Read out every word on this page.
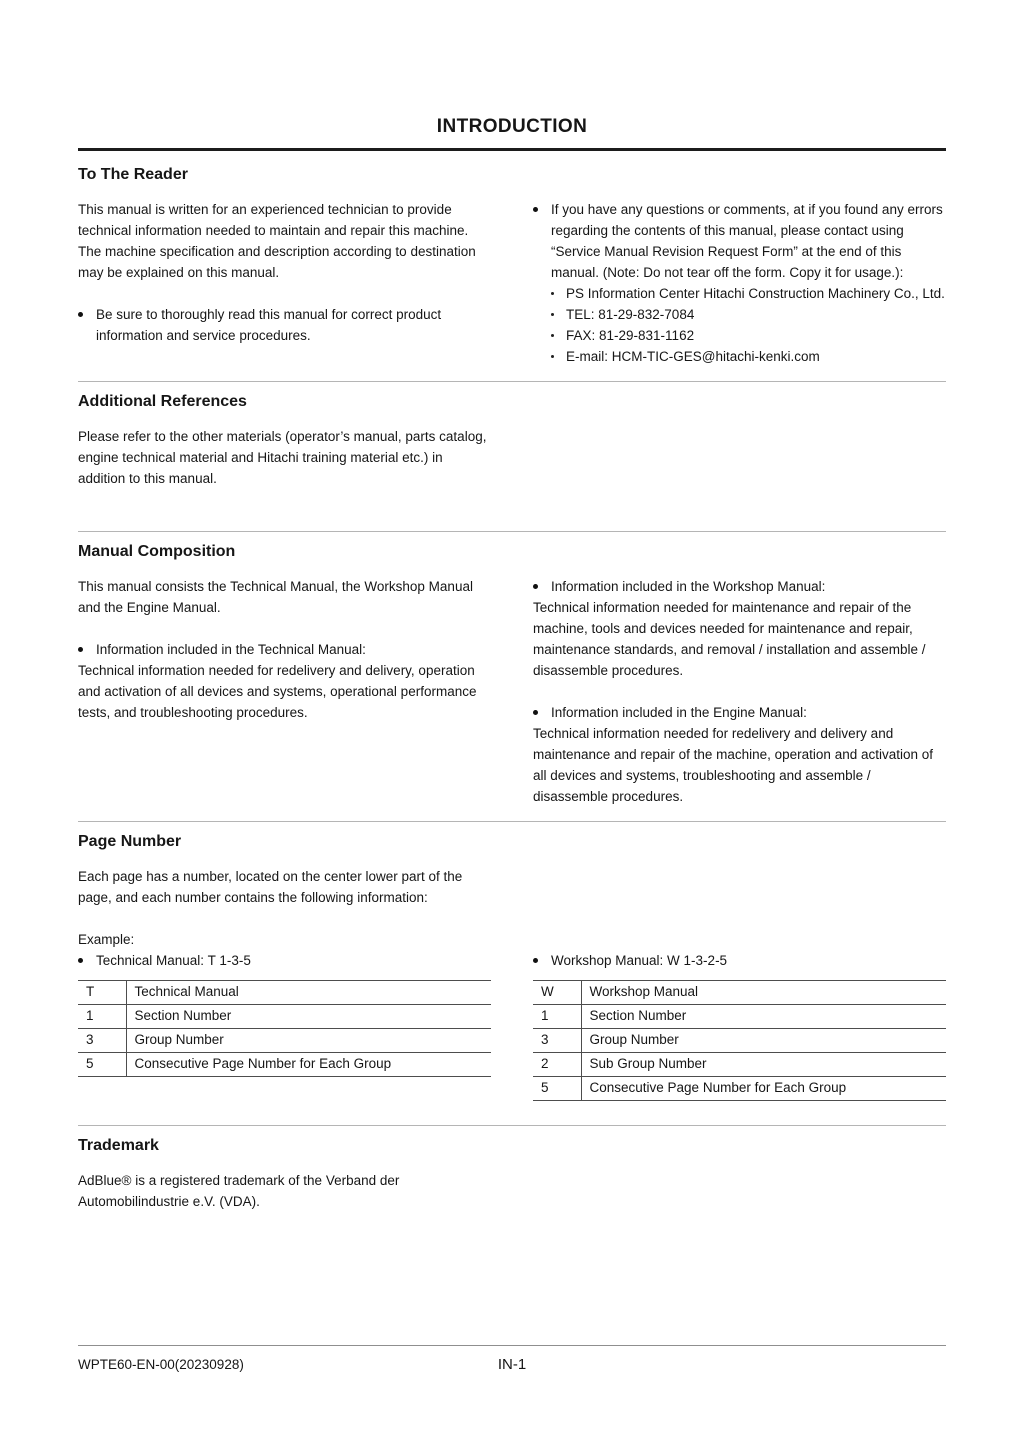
INTRODUCTION
To The Reader

This manual is written for an experienced technician to provide technical information needed to maintain and repair this machine.

The machine specification and description according to destination may be explained on this manual.

Be sure to thoroughly read this manual for correct product information and service procedures.

If you have any questions or comments, at if you found any errors regarding the contents of this manual, please contact using “Service Manual Revision Request Form” at the end of this manual. (Note: Do not tear off the form. Copy it for usage.):

PS Information Center Hitachi Construction Machinery Co., Ltd.

TEL: 81-29-832-7084

FAX: 81-29-831-1162

E-mail: HCM-TIC-GES@hitachi-kenki.com

Additional References

Please refer to the other materials (operator’s manual, parts catalog, engine technical material and Hitachi training material etc.) in addition to this manual.

Manual Composition

This manual consists the Technical Manual, the Workshop Manual and the Engine Manual.

Information included in the Technical Manual:

Technical information needed for redelivery and delivery, operation and activation of all devices and systems, operational performance tests, and troubleshooting procedures.

Information included in the Workshop Manual:

Technical information needed for maintenance and repair of the machine, tools and devices needed for maintenance and repair, maintenance standards, and removal / installation and assemble / disassemble procedures.

Information included in the Engine Manual:

Technical information needed for redelivery and delivery and maintenance and repair of the machine, operation and activation of all devices and systems, troubleshooting and assemble / disassemble procedures.

Page Number

Each page has a number, located on the center lower part of the page, and each number contains the following information:

Example:

Technical Manual: T 1-3-5

T	Technical Manual
1	Section Number
3	Group Number
5	Consecutive Page Number for Each Group

Workshop Manual: W 1-3-2-5

W	Workshop Manual
1	Section Number
3	Group Number
2	Sub Group Number
5	Consecutive Page Number for Each Group
Trademark

AdBlue® is a registered trademark of the Verband der Automobilindustrie e.V. (VDA).

WPTE60-EN-00(20230928)	IN-1
